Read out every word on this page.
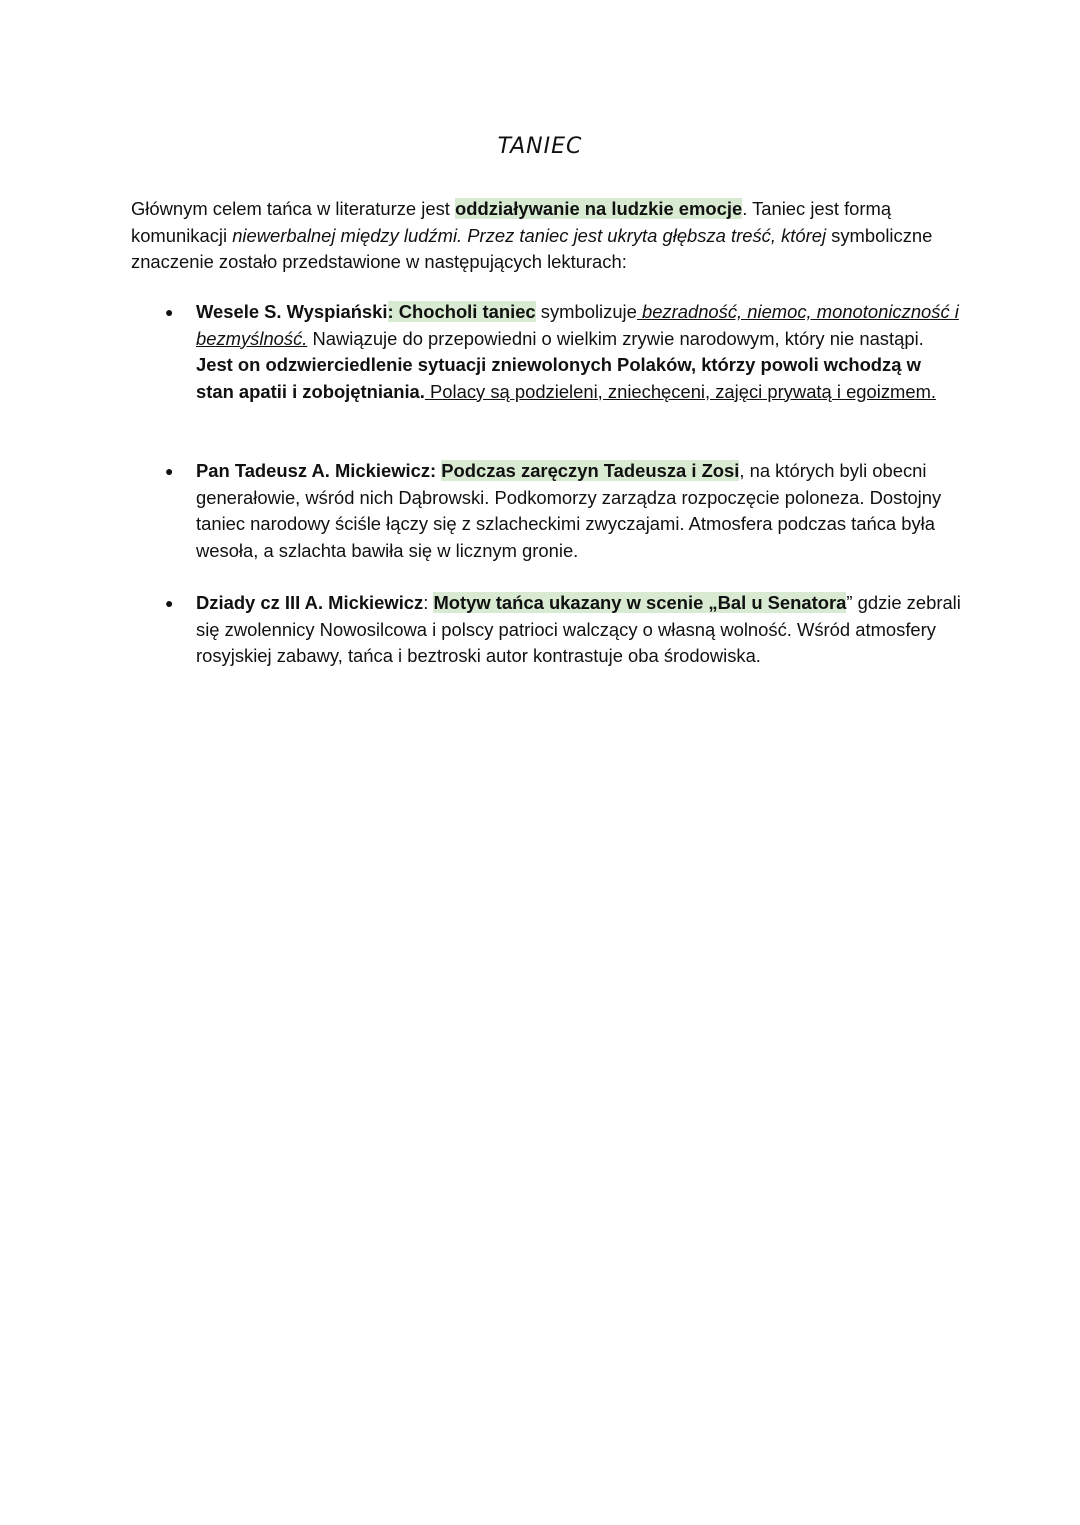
TANIEC
Głównym celem tańca w literaturze jest oddziaływanie na ludzkie emocje. Taniec jest formą komunikacji niewerbalnej między ludźmi. Przez taniec jest ukryta głębsza treść, której symboliczne znaczenie zostało przedstawione w następujących lekturach:
● Wesele S. Wyspiański: Chocholi taniec symbolizuje bezradność, niemoc, monotoniczność i bezmyślność. Nawiązuje do przepowiedni o wielkim zrywie narodowym, który nie nastąpi. Jest on odzwierciedlenie sytuacji zniewolonych Polaków, którzy powoli wchodzą w stan apatii i zobojętniania. Polacy są podzieleni, zniechęceni, zajęci prywatą i egoizmem.
● Pan Tadeusz A. Mickiewicz: Podczas zaręczyn Tadeusza i Zosi, na których byli obecni generałowie, wśród nich Dąbrowski. Podkomorzy zarządza rozpoczęcie poloneza. Dostojny taniec narodowy ściśle łączy się z szlacheckimi zwyczajami. Atmosfera podczas tańca była wesoła, a szlachta bawiła się w licznym gronie.
● Dziady cz III A. Mickiewicz: Motyw tańca ukazany w scenie „Bal u Senatora” gdzie zebrali się zwolennicy Nowosilcowa i polscy patrioci walczący o własną wolność. Wśród atmosfery rosyjskiej zabawy, tańca i beztroski autor kontrastuje oba środowiska.
